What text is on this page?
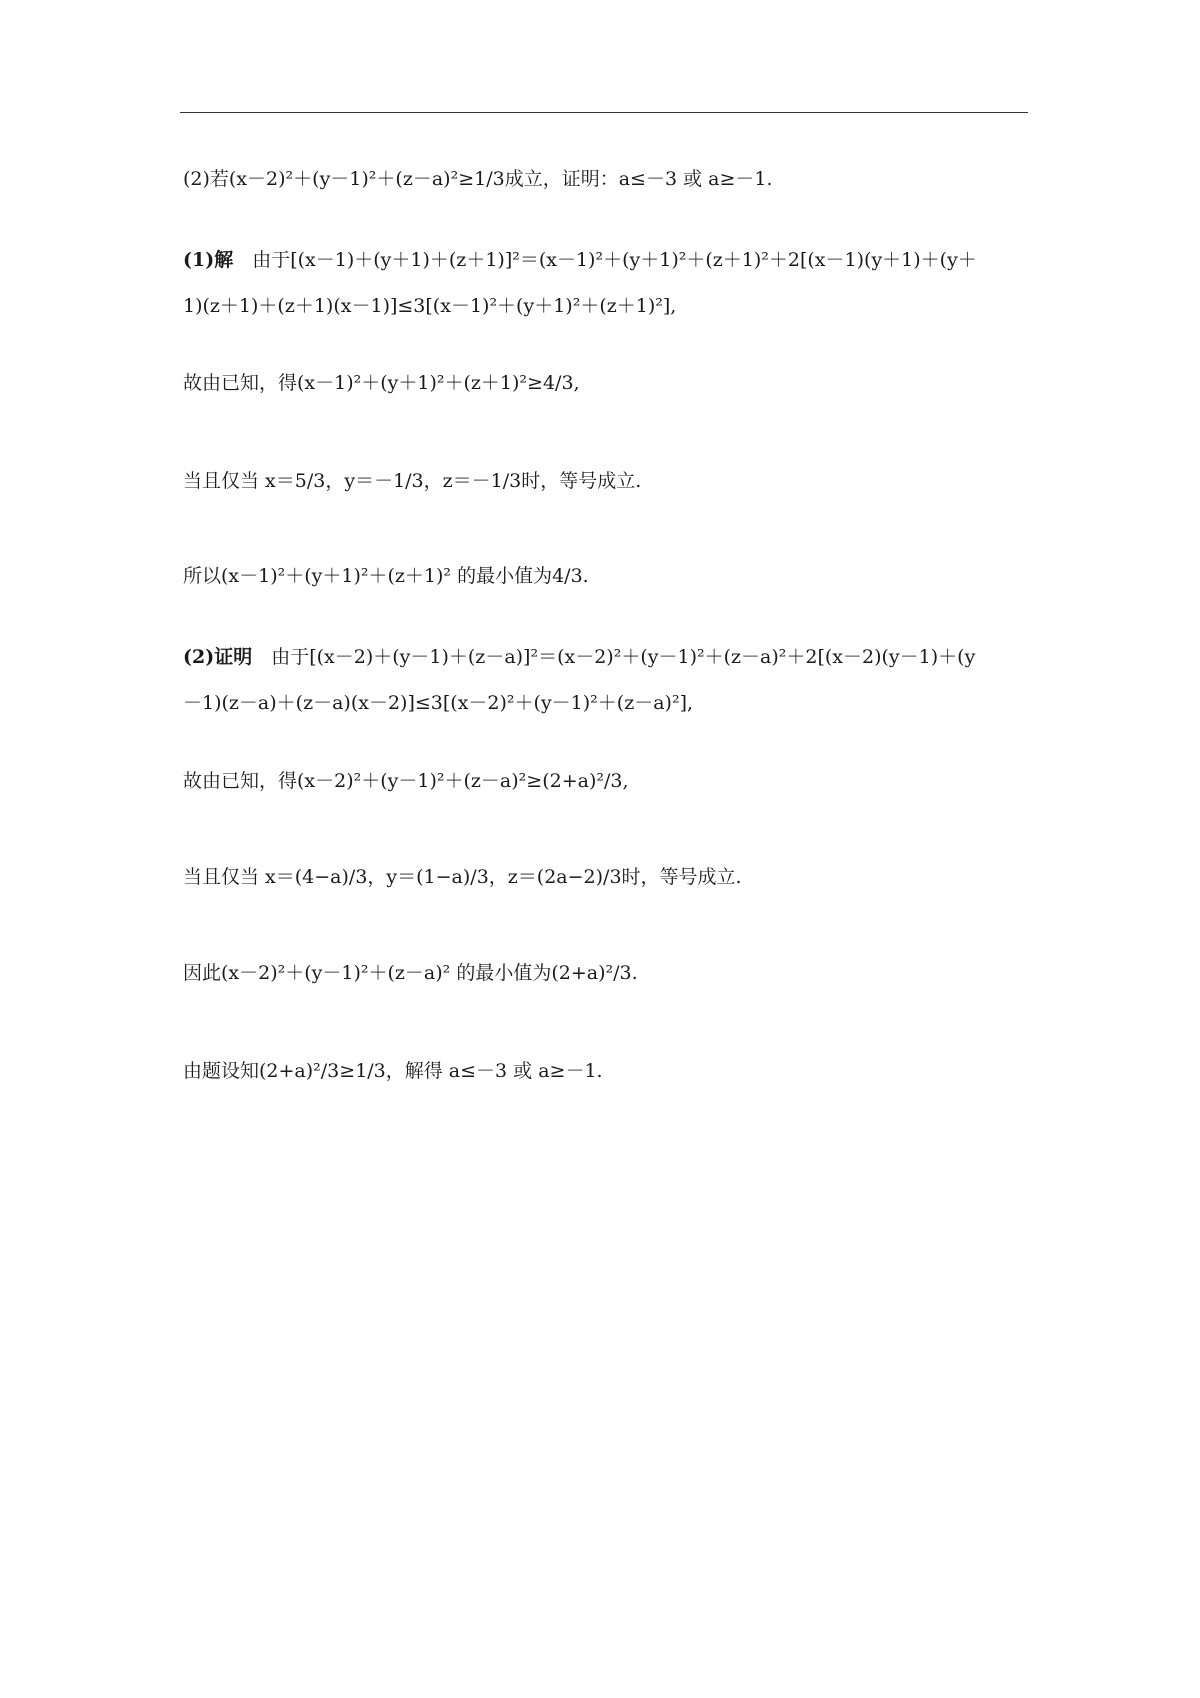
(2)若(x－2)²＋(y－1)²＋(z－a)²≥1/3成立，证明：a≤－3 或 a≥－1.
(1)解　由于[(x－1)＋(y＋1)＋(z＋1)]²＝(x－1)²＋(y＋1)²＋(z＋1)²＋2[(x－1)(y＋1)＋(y＋
1)(z＋1)＋(z＋1)(x－1)]≤3[(x－1)²＋(y＋1)²＋(z＋1)²],
故由已知，得(x－1)²＋(y＋1)²＋(z＋1)²≥4/3,
当且仅当 x＝5/3，y＝－1/3，z＝－1/3时，等号成立.
所以(x－1)²＋(y＋1)²＋(z＋1)² 的最小值为4/3.
(2)证明　由于[(x－2)＋(y－1)＋(z－a)]²＝(x－2)²＋(y－1)²＋(z－a)²＋2[(x－2)(y－1)＋(y
－1)(z－a)＋(z－a)(x－2)]≤3[(x－2)²＋(y－1)²＋(z－a)²],
故由已知，得(x－2)²＋(y－1)²＋(z－a)²≥(2+a)²/3,
当且仅当 x＝(4−a)/3，y＝(1−a)/3，z＝(2a−2)/3时，等号成立.
因此(x－2)²＋(y－1)²＋(z－a)² 的最小值为(2+a)²/3.
由题设知(2+a)²/3≥1/3，解得 a≤－3 或 a≥－1.
